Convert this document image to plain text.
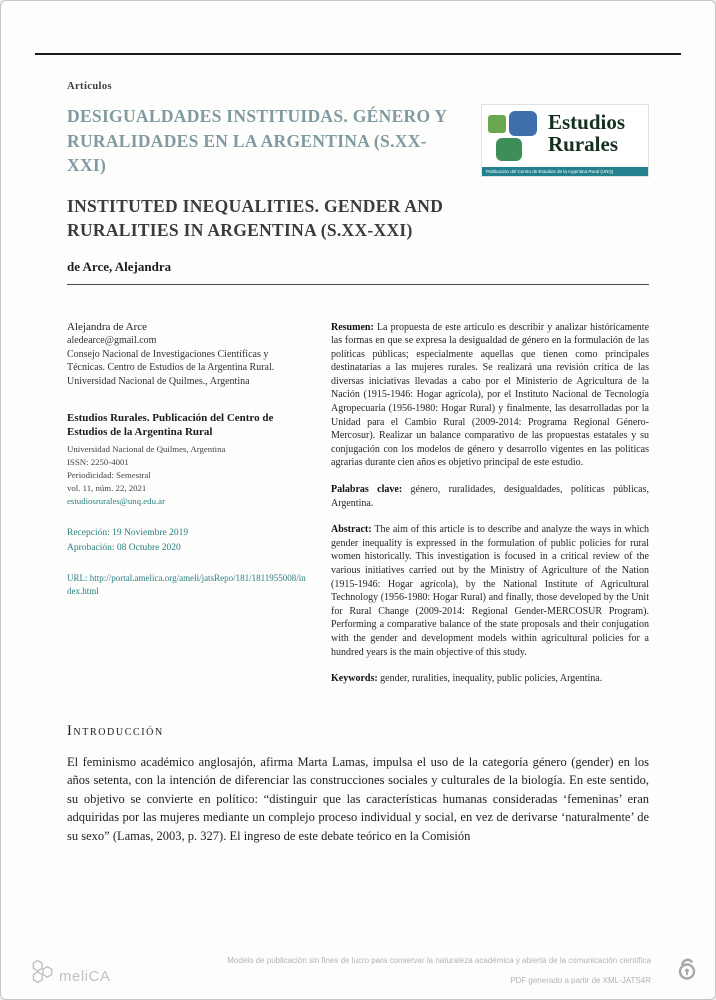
Artículos
DESIGUALDADES INSTITUIDAS. GÉNERO Y RURALIDADES EN LA ARGENTINA (S.XX-XXI)
INSTITUTED INEQUALITIES. GENDER AND RURALITIES IN ARGENTINA (S.XX-XXI)
de Arce, Alejandra
Estudios
Rurales
Publicación del Centro de Estudios de la Argentina Rural (UNQ)
Alejandra de Arce
aledearce@gmail.com
Consejo Nacional de Investigaciones Científicas y Técnicas. Centro de Estudios de la Argentina Rural. Universidad Nacional de Quilmes., Argentina
Estudios Rurales. Publicación del Centro de Estudios de la Argentina Rural
Universidad Nacional de Quilmes, Argentina
ISSN: 2250-4001
Periodicidad: Semestral
vol. 11, núm. 22, 2021
estudiosrurales@unq.edu.ar
Recepción: 19 Noviembre 2019
Aprobación: 08 Octubre 2020
URL: http://portal.amelica.org/ameli/jatsRepo/181/1811955008/index.html

Resumen: La propuesta de este artículo es describir y analizar históricamente las formas en que se expresa la desigualdad de género en la formulación de las políticas públicas; especialmente aquellas que tienen como principales destinatarias a las mujeres rurales. Se realizará una revisión crítica de las diversas iniciativas llevadas a cabo por el Ministerio de Agricultura de la Nación (1915-1946: Hogar agrícola), por el Instituto Nacional de Tecnología Agropecuaria (1956-1980: Hogar Rural) y finalmente, las desarrolladas por la Unidad para el Cambio Rural (2009-2014: Programa Regional Género-Mercosur). Realizar un balance comparativo de las propuestas estatales y su conjugación con los modelos de género y desarrollo vigentes en las políticas agrarias durante cien años es objetivo principal de este estudio.

Palabras clave: género, ruralidades, desigualdades, políticas públicas, Argentina.

Abstract: The aim of this article is to describe and analyze the ways in which gender inequality is expressed in the formulation of public policies for rural women historically. This investigation is focused in a critical review of the various initiatives carried out by the Ministry of Agriculture of the Nation (1915-1946: Hogar agrícola), by the National Institute of Agricultural Technology (1956-1980: Hogar Rural) and finally, those developed by the Unit for Rural Change (2009-2014: Regional Gender-MERCOSUR Program). Performing a comparative balance of the state proposals and their conjugation with the gender and development models within agricultural policies for a hundred years is the main objective of this study.

Keywords: gender, ruralities, inequality, public policies, Argentina.

Introducción

El feminismo académico anglosajón, afirma Marta Lamas, impulsa el uso de la categoría género (gender) en los años setenta, con la intención de diferenciar las construcciones sociales y culturales de la biología. En este sentido, su objetivo se convierte en político: “distinguir que las características humanas consideradas ‘femeninas’ eran adquiridas por las mujeres mediante un complejo proceso individual y social, en vez de derivarse ‘naturalmente’ de su sexo” (Lamas, 2003, p. 327). El ingreso de este debate teórico en la Comisión

meliCA
Modelo de publicación sin fines de lucro para conservar la naturaleza académica y abierta de la comunicación científica
PDF generado a partir de XML-JATS4R
